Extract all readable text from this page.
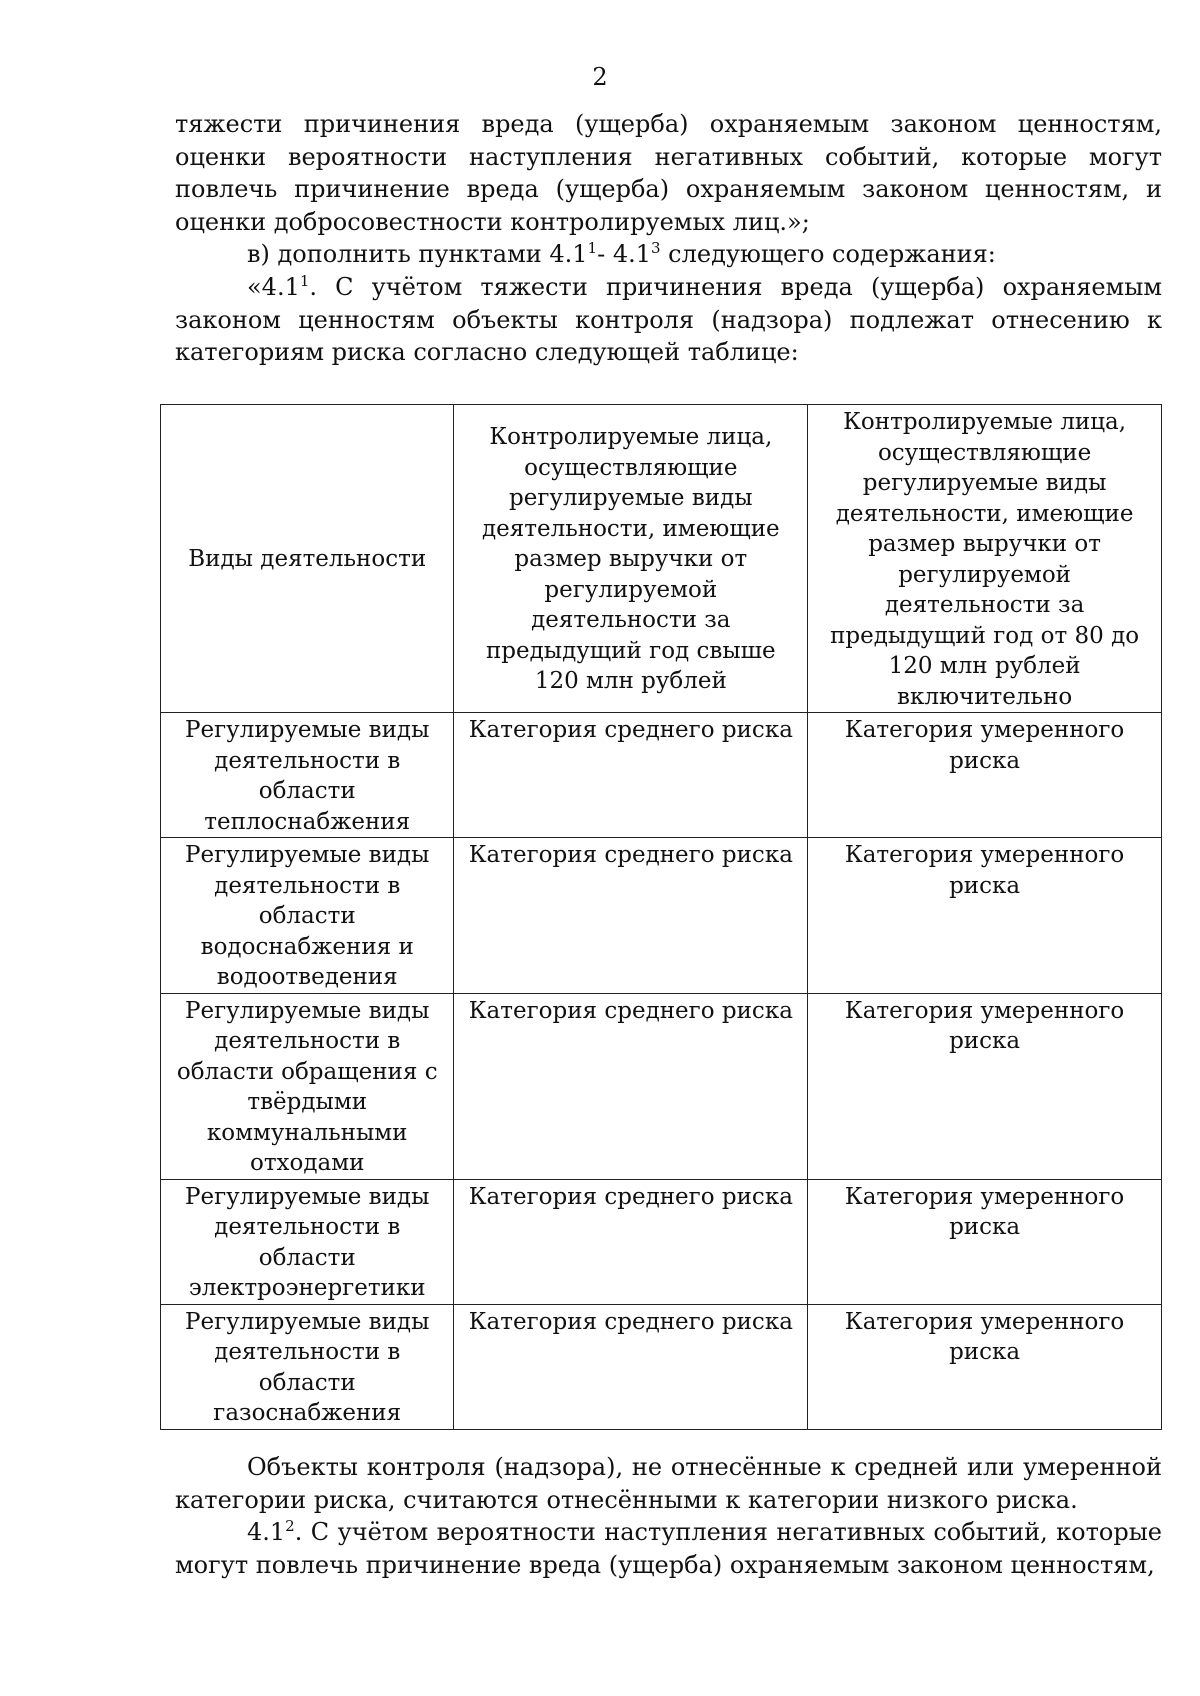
2

тяжести причинения вреда (ущерба) охраняемым законом ценностям, оценки вероятности наступления негативных событий, которые могут повлечь причинение вреда (ущерба) охраняемым законом ценностям, и оценки добросовестности контролируемых лиц.»;

в) дополнить пунктами $4.1^1-$ $4.1^3$ следующего содержания:

«$4.1^1$. С учётом тяжести причинения вреда (ущерба) охраняемым законом ценностям объекты контроля (надзора) подлежат отнесению к категориям риска согласно следующей таблице:

Виды деятельности	Контролируемые лица, осуществляющие регулируемые виды деятельности, имеющие размер выручки от регулируемой деятельности за предыдущий год свыше 120 млн рублей	Контролируемые лица, осуществляющие регулируемые виды деятельности, имеющие размер выручки от регулируемой деятельности за предыдущий год от 80 до 120 млн рублей включительно
Регулируемые виды деятельности в области теплоснабжения	Категория среднего риска	Категория умеренного риска
Регулируемые виды деятельности в области водоснабжения и водоотведения	Категория среднего риска	Категория умеренного риска
Регулируемые виды деятельности в области обращения с твёрдыми коммунальными отходами	Категория среднего риска	Категория умеренного риска
Регулируемые виды деятельности в области электроэнергетики	Категория среднего риска	Категория умеренного риска
Регулируемые виды деятельности в области газоснабжения	Категория среднего риска	Категория умеренного риска

Объекты контроля (надзора), не отнесённые к средней или умеренной категории риска, считаются отнесёнными к категории низкого риска.

$4.1^2$. С учётом вероятности наступления негативных событий, которые могут повлечь причинение вреда (ущерба) охраняемым законом ценностям,
